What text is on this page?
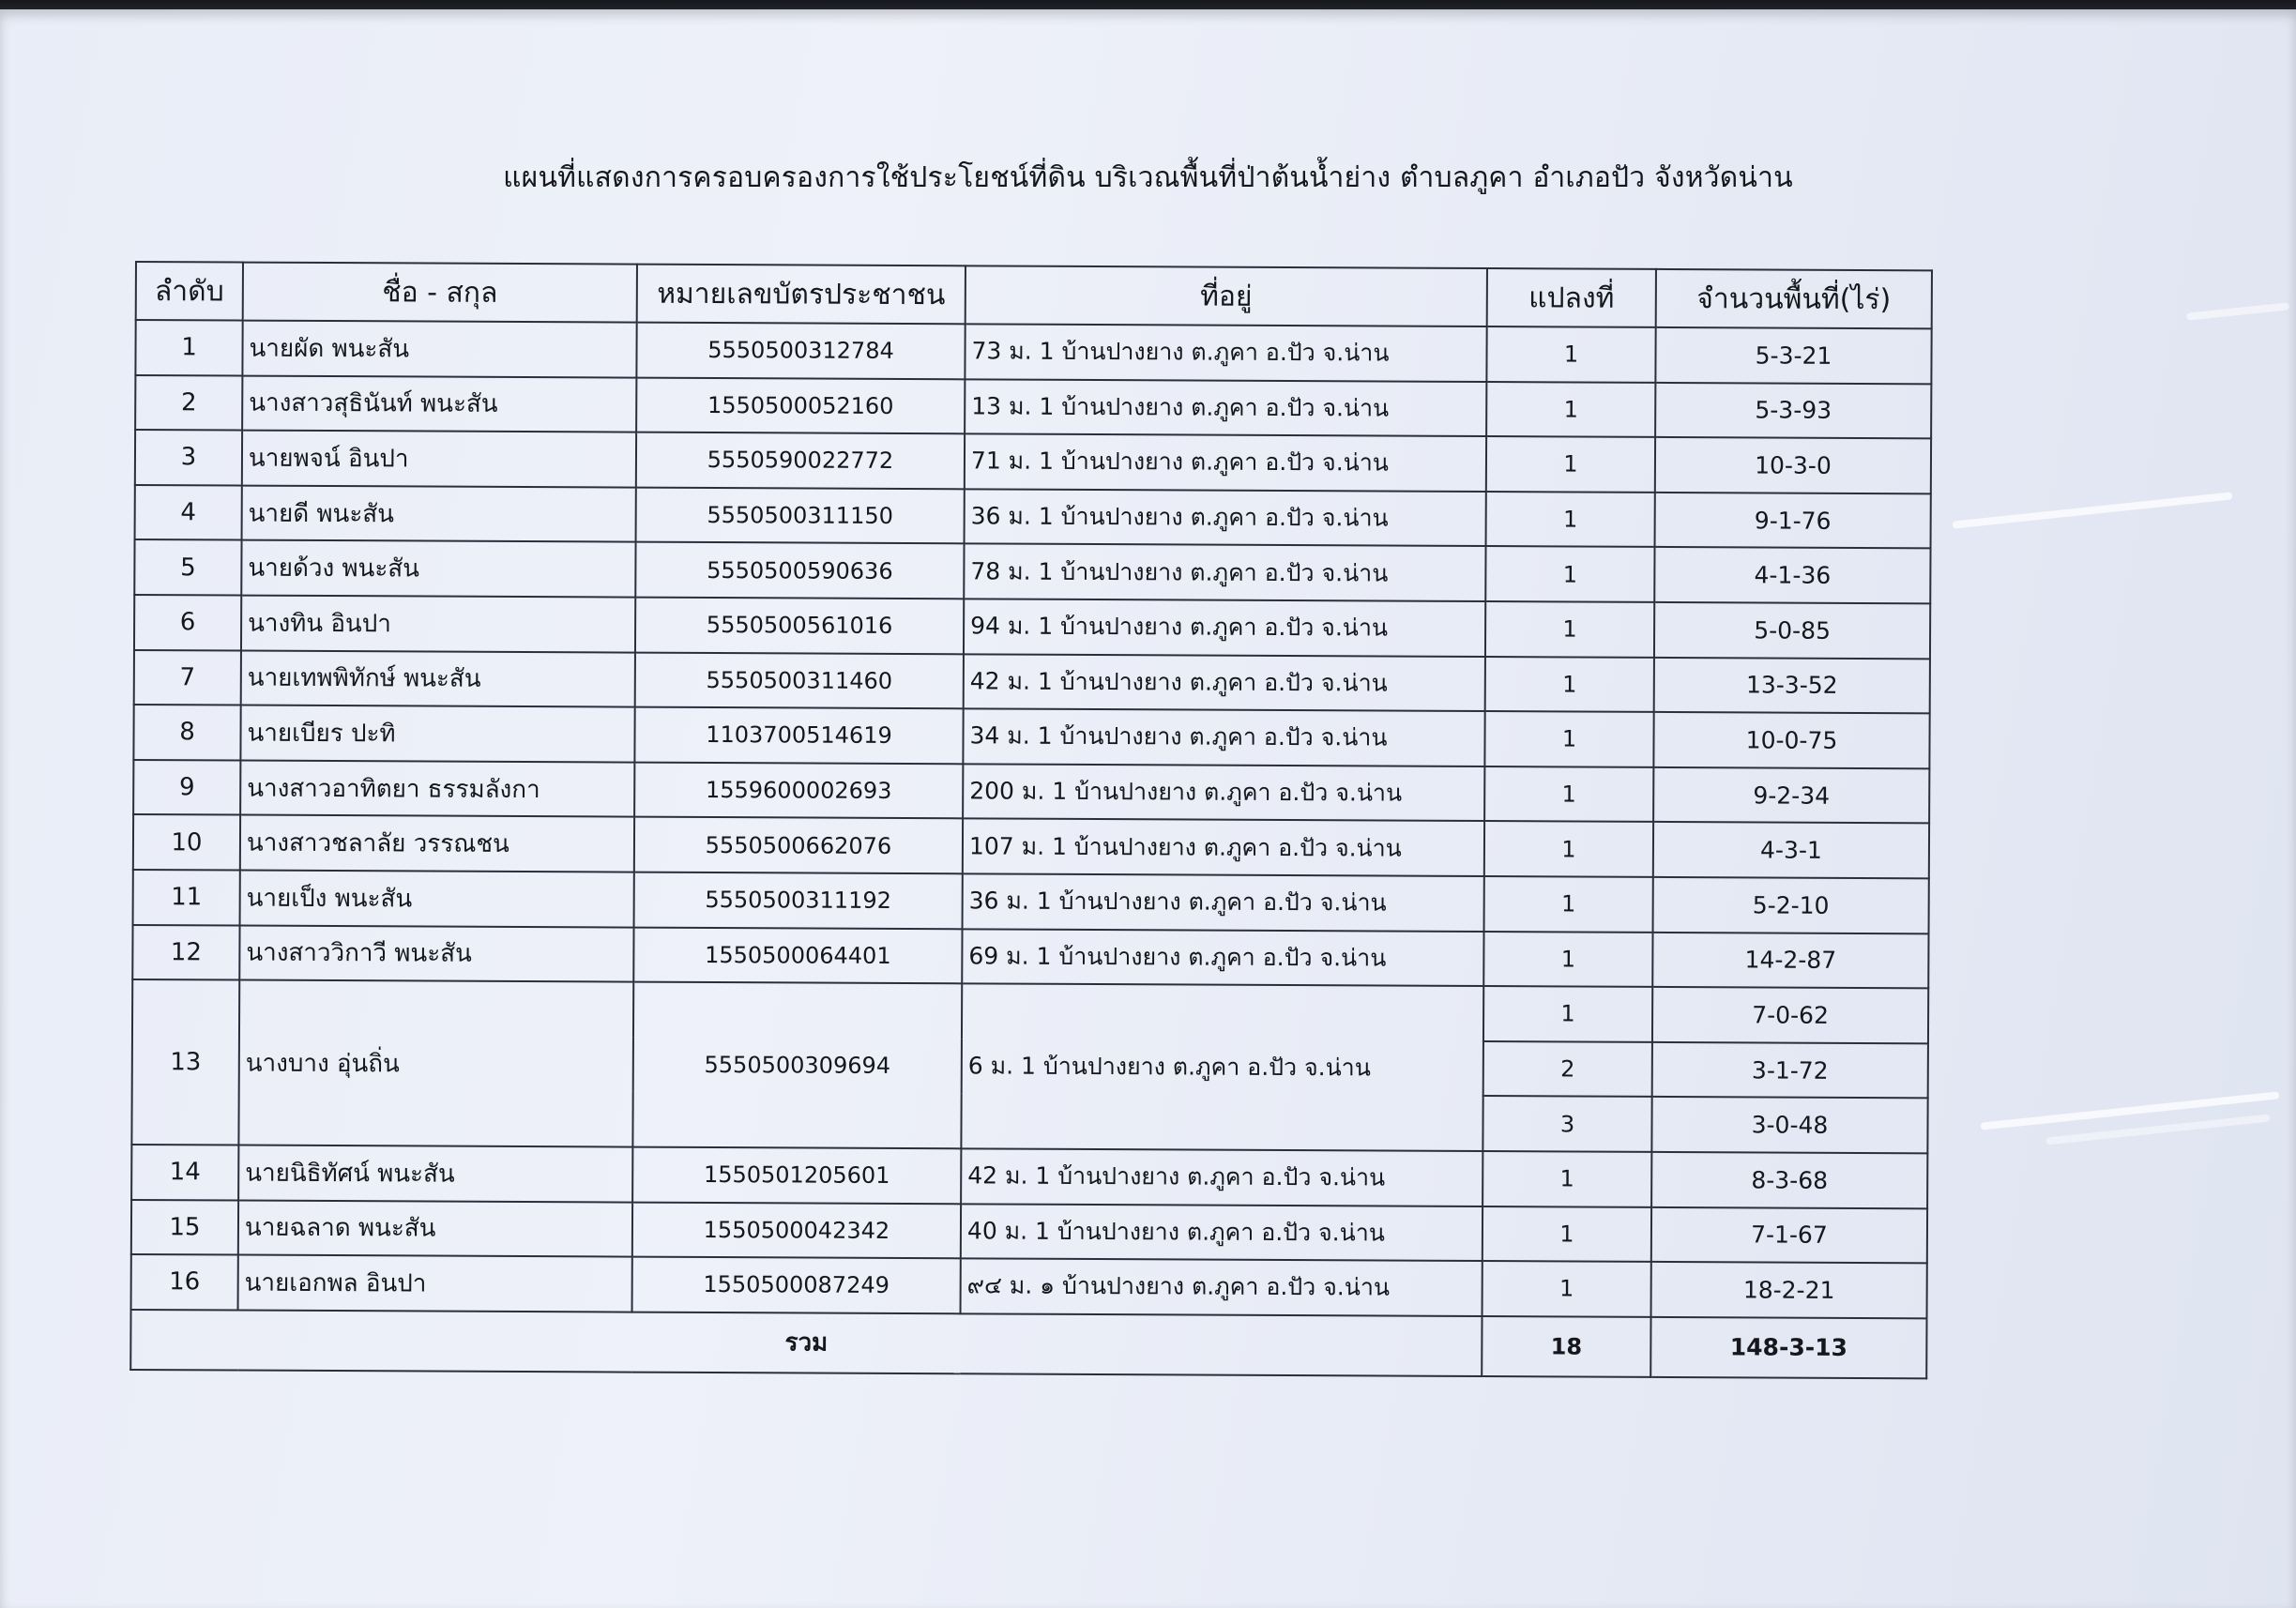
แผนที่แสดงการครอบครองการใช้ประโยชน์ที่ดิน บริเวณพื้นที่ป่าต้นน้ำย่าง ตำบลภูคา อำเภอปัว จังหวัดน่าน
ลำดับ	ชื่อ - สกุล	หมายเลขบัตรประชาชน	ที่อยู่	แปลงที่	จำนวนพื้นที่(ไร่)
1	นายผัด พนะสัน	5550500312784	73 ม. 1 บ้านปางยาง ต.ภูคา อ.ปัว จ.น่าน	1	5-3-21
2	นางสาวสุธินันท์ พนะสัน	1550500052160	13 ม. 1 บ้านปางยาง ต.ภูคา อ.ปัว จ.น่าน	1	5-3-93
3	นายพจน์ อินปา	5550590022772	71 ม. 1 บ้านปางยาง ต.ภูคา อ.ปัว จ.น่าน	1	10-3-0
4	นายดี พนะสัน	5550500311150	36 ม. 1 บ้านปางยาง ต.ภูคา อ.ปัว จ.น่าน	1	9-1-76
5	นายด้วง พนะสัน	5550500590636	78 ม. 1 บ้านปางยาง ต.ภูคา อ.ปัว จ.น่าน	1	4-1-36
6	นางทิน อินปา	5550500561016	94 ม. 1 บ้านปางยาง ต.ภูคา อ.ปัว จ.น่าน	1	5-0-85
7	นายเทพพิทักษ์ พนะสัน	5550500311460	42 ม. 1 บ้านปางยาง ต.ภูคา อ.ปัว จ.น่าน	1	13-3-52
8	นายเบียร ปะทิ	1103700514619	34 ม. 1 บ้านปางยาง ต.ภูคา อ.ปัว จ.น่าน	1	10-0-75
9	นางสาวอาทิตยา ธรรมลังกา	1559600002693	200 ม. 1 บ้านปางยาง ต.ภูคา อ.ปัว จ.น่าน	1	9-2-34
10	นางสาวชลาลัย วรรณชน	5550500662076	107 ม. 1 บ้านปางยาง ต.ภูคา อ.ปัว จ.น่าน	1	4-3-1
11	นายเป็ง พนะสัน	5550500311192	36 ม. 1 บ้านปางยาง ต.ภูคา อ.ปัว จ.น่าน	1	5-2-10
12	นางสาววิกาวี พนะสัน	1550500064401	69 ม. 1 บ้านปางยาง ต.ภูคา อ.ปัว จ.น่าน	1	14-2-87
13	นางบาง อุ่นถิ่น	5550500309694	6 ม. 1 บ้านปางยาง ต.ภูคา อ.ปัว จ.น่าน	1	7-0-62
				2	3-1-72
				3	3-0-48
14	นายนิธิทัศน์ พนะสัน	1550501205601	42 ม. 1 บ้านปางยาง ต.ภูคา อ.ปัว จ.น่าน	1	8-3-68
15	นายฉลาด พนะสัน	1550500042342	40 ม. 1 บ้านปางยาง ต.ภูคา อ.ปัว จ.น่าน	1	7-1-67
16	นายเอกพล อินปา	1550500087249	๙๔ ม. ๑ บ้านปางยาง ต.ภูคา อ.ปัว จ.น่าน	1	18-2-21
รวม				18	148-3-13
